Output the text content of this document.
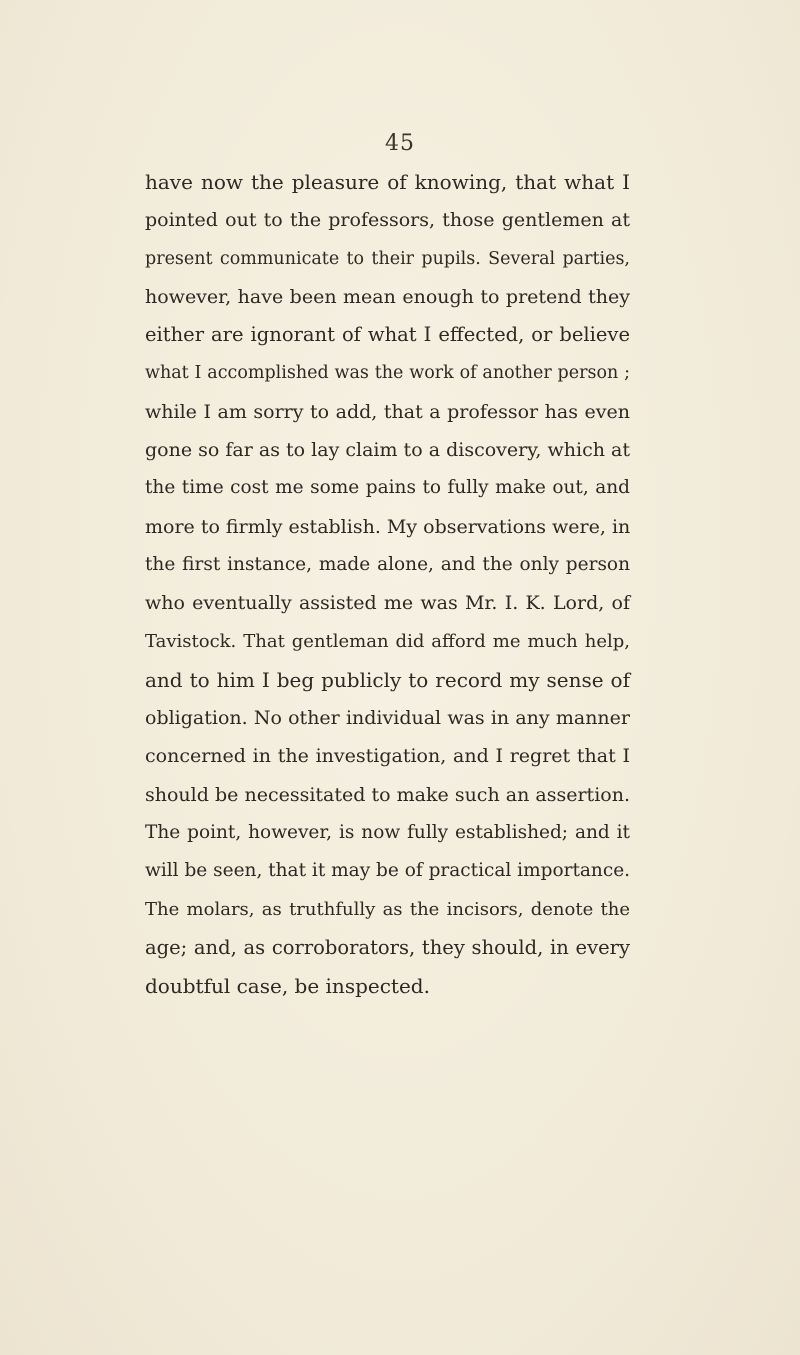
45
have now the pleasure of knowing, that what I
pointed out to the professors, those gentlemen at
present communicate to their pupils. Several parties,
however, have been mean enough to pretend they
either are ignorant of what I effected, or believe
what I accomplished was the work of another person ;
while I am sorry to add, that a professor has even
gone so far as to lay claim to a discovery, which at
the time cost me some pains to fully make out, and
more to firmly establish. My observations were, in
the first instance, made alone, and the only person
who eventually assisted me was Mr. I. K. Lord, of
Tavistock. That gentleman did afford me much help,
and to him I beg publicly to record my sense of
obligation. No other individual was in any manner
concerned in the investigation, and I regret that I
should be necessitated to make such an assertion.
The point, however, is now fully established; and it
will be seen, that it may be of practical importance.
The molars, as truthfully as the incisors, denote the
age; and, as corroborators, they should, in every
doubtful case, be inspected.
